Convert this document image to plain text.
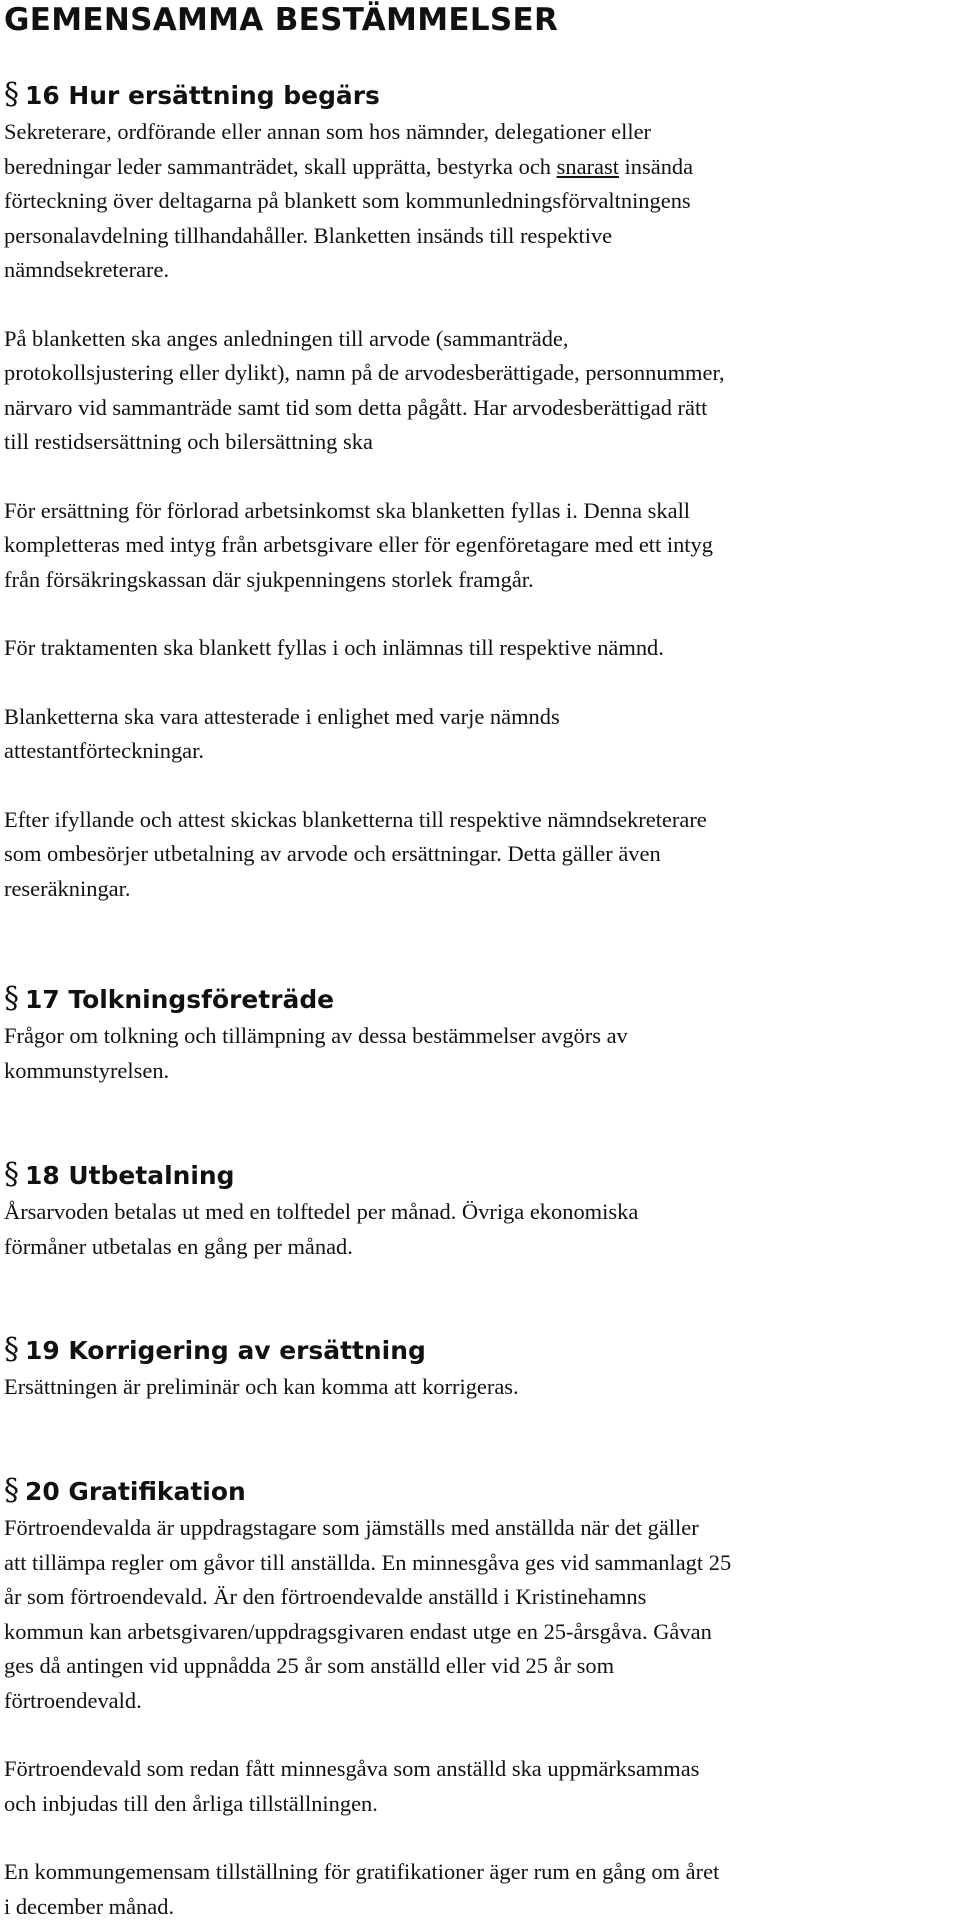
GEMENSAMMA BESTÄMMELSER
§ 16 Hur ersättning begärs
Sekreterare, ordförande eller annan som hos nämnder, delegationer eller
beredningar leder sammanträdet, skall upprätta, bestyrka och snarast insända
förteckning över deltagarna på blankett som kommunledningsförvaltningens
personalavdelning tillhandahåller. Blanketten insänds till respektive
nämndsekreterare.
På blanketten ska anges anledningen till arvode (sammanträde,
protokollsjustering eller dylikt), namn på de arvodesberättigade, personnummer,
närvaro vid sammanträde samt tid som detta pågått. Har arvodesberättigad rätt
till restidsersättning och bilersättning ska
För ersättning för förlorad arbetsinkomst ska blanketten fyllas i. Denna skall
kompletteras med intyg från arbetsgivare eller för egenföretagare med ett intyg
från försäkringskassan där sjukpenningens storlek framgår.
För traktamenten ska blankett fyllas i och inlämnas till respektive nämnd.
Blanketterna ska vara attesterade i enlighet med varje nämnds
attestantförteckningar.
Efter ifyllande och attest skickas blanketterna till respektive nämndsekreterare
som ombesörjer utbetalning av arvode och ersättningar. Detta gäller även
reseräkningar.
§ 17 Tolkningsföreträde
Frågor om tolkning och tillämpning av dessa bestämmelser avgörs av
kommunstyrelsen.
§ 18 Utbetalning
Årsarvoden betalas ut med en tolftedel per månad. Övriga ekonomiska
förmåner utbetalas en gång per månad.
§ 19 Korrigering av ersättning
Ersättningen är preliminär och kan komma att korrigeras.
§ 20 Gratifikation
Förtroendevalda är uppdragstagare som jämställs med anställda när det gäller
att tillämpa regler om gåvor till anställda. En minnesgåva ges vid sammanlagt 25
år som förtroendevald. Är den förtroendevalde anställd i Kristinehamns
kommun kan arbetsgivaren/uppdragsgivaren endast utge en 25-årsgåva. Gåvan
ges då antingen vid uppnådda 25 år som anställd eller vid 25 år som
förtroendevald.
Förtroendevald som redan fått minnesgåva som anställd ska uppmärksammas
och inbjudas till den årliga tillställningen.
En kommungemensam tillställning för gratifikationer äger rum en gång om året
i december månad.
